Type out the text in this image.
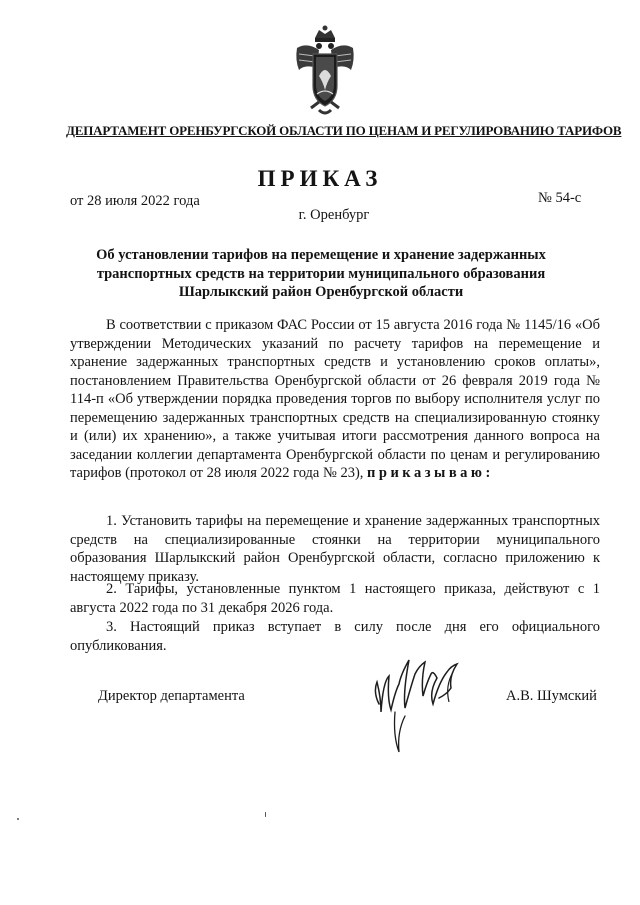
ДЕПАРТАМЕНТ ОРЕНБУРГСКОЙ ОБЛАСТИ ПО ЦЕНАМ И РЕГУЛИРОВАНИЮ ТАРИФОВ
ПРИКАЗ
от 28 июля 2022 года	№ 54-с
г. Оренбург
Об установлении тарифов на перемещение и хранение задержанных транспортных средств на территории муниципального образования Шарлыкский район Оренбургской области
В соответствии с приказом ФАС России от 15 августа 2016 года № 1145/16 «Об утверждении Методических указаний по расчету тарифов на перемещение и хранение задержанных транспортных средств и установлению сроков оплаты», постановлением Правительства Оренбургской области от 26 февраля 2019 года № 114-п «Об утверждении порядка проведения торгов по выбору исполнителя услуг по перемещению задержанных транспортных средств на специализированную стоянку и (или) их хранению», а также учитывая итоги рассмотрения данного вопроса на заседании коллегии департамента Оренбургской области по ценам и регулированию тарифов (протокол от 28 июля 2022 года № 23), приказываю:
1. Установить тарифы на перемещение и хранение задержанных транспортных средств на специализированные стоянки на территории муниципального образования Шарлыкский район Оренбургской области, согласно приложению к настоящему приказу.
2. Тарифы, установленные пунктом 1 настоящего приказа, действуют с 1 августа 2022 года по 31 декабря 2026 года.
3. Настоящий приказ вступает в силу после дня его официального опубликования.
Директор департамента	А.В. Шумский
